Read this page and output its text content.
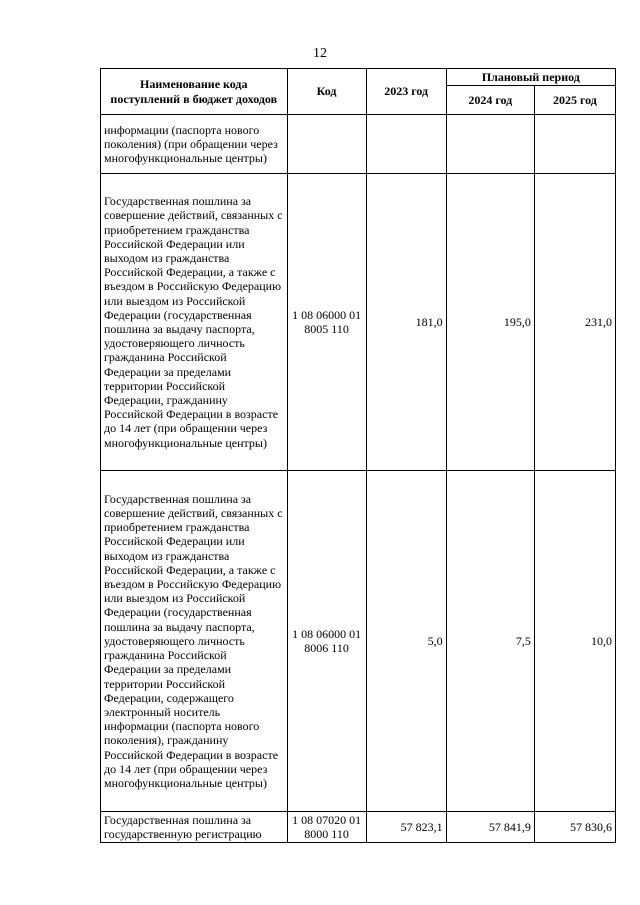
12
Наименование кода поступлений в бюджет доходов	Код	2023 год	Плановый период	
			2024 год	2025 год
информации (паспорта нового поколения) (при обращении через многофункциональные центры)				
Государственная пошлина за совершение действий, связанных с приобретением гражданства Российской Федерации или выходом из гражданства Российской Федерации, а также с въездом в Российскую Федерацию или выездом из Российской Федерации (государственная пошлина за выдачу паспорта, удостоверяющего личность гражданина Российской Федерации за пределами территории Российской Федерации, гражданину Российской Федерации в возрасте до 14 лет (при обращении через многофункциональные центры)	1 08 06000 01 8005 110	181,0	195,0	231,0
Государственная пошлина за совершение действий, связанных с приобретением гражданства Российской Федерации или выходом из гражданства Российской Федерации, а также с въездом в Российскую Федерацию или выездом из Российской Федерации (государственная пошлина за выдачу паспорта, удостоверяющего личность гражданина Российской Федерации за пределами территории Российской Федерации, содержащего электронный носитель информации (паспорта нового поколения), гражданину Российской Федерации в возрасте до 14 лет (при обращении через многофункциональные центры)	1 08 06000 01 8006 110	5,0	7,5	10,0
Государственная пошлина за государственную регистрацию	1 08 07020 01 8000 110	57 823,1	57 841,9	57 830,6
